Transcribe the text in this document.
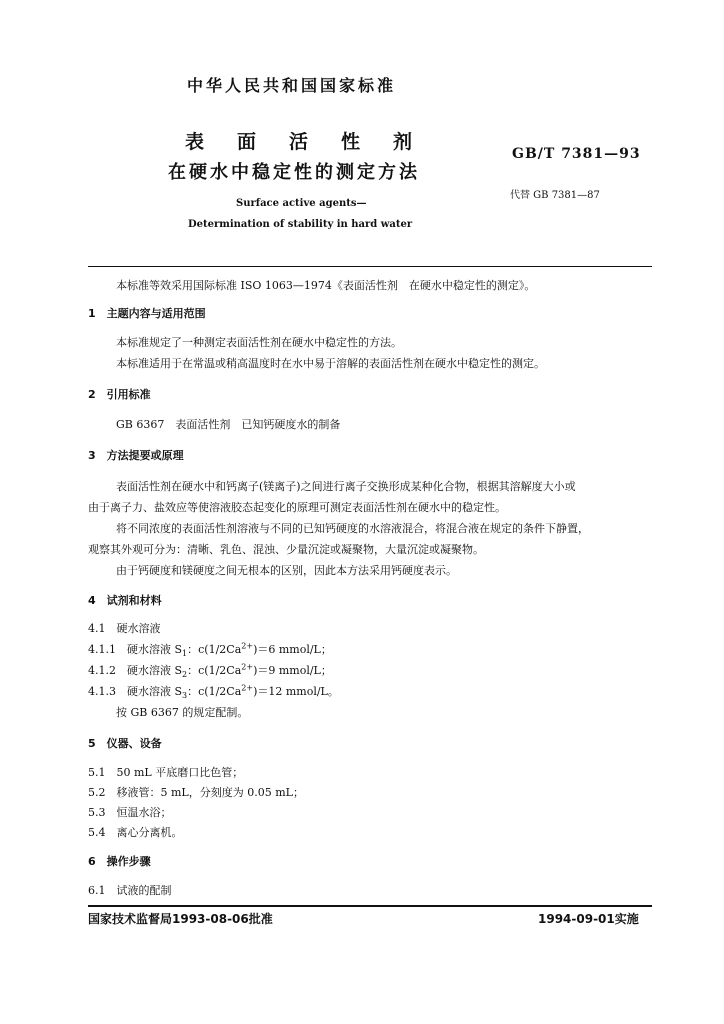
中华人民共和国国家标准
表面活性剂
在硬水中稳定性的测定方法
Surface active agents—
Determination of stability in hard water
GB/T 7381—93
代替 GB 7381—87
本标准等效采用国际标准 ISO 1063—1974《表面活性剂　在硬水中稳定性的测定》。
1　主题内容与适用范围
本标准规定了一种测定表面活性剂在硬水中稳定性的方法。
本标准适用于在常温或稍高温度时在水中易于溶解的表面活性剂在硬水中稳定性的测定。
2　引用标准
GB 6367　表面活性剂　已知钙硬度水的制备
3　方法提要或原理
表面活性剂在硬水中和钙离子(镁离子)之间进行离子交换形成某种化合物，根据其溶解度大小或
由于离子力、盐效应等使溶液胶态起变化的原理可测定表面活性剂在硬水中的稳定性。
将不同浓度的表面活性剂溶液与不同的已知钙硬度的水溶液混合，将混合液在规定的条件下静置，
观察其外观可分为：清晰、乳色、混浊、少量沉淀或凝聚物，大量沉淀或凝聚物。
由于钙硬度和镁硬度之间无根本的区别，因此本方法采用钙硬度表示。
4　试剂和材料
4.1　硬水溶液
4.1.1　硬水溶液 $S_1$：$c(1/2Ca^{2+})=6$ mmol/L；
4.1.2　硬水溶液 $S_2$：$c(1/2Ca^{2+})=9$ mmol/L；
4.1.3　硬水溶液 $S_3$：$c(1/2Ca^{2+})=12$ mmol/L。
按 GB 6367 的规定配制。
5　仪器、设备
5.1　50 mL 平底磨口比色管；
5.2　移液管：5 mL，分刻度为 0.05 mL；
5.3　恒温水浴；
5.4　离心分离机。
6　操作步骤
6.1　试液的配制
国家技术监督局1993-08-06批准	1994-09-01实施
